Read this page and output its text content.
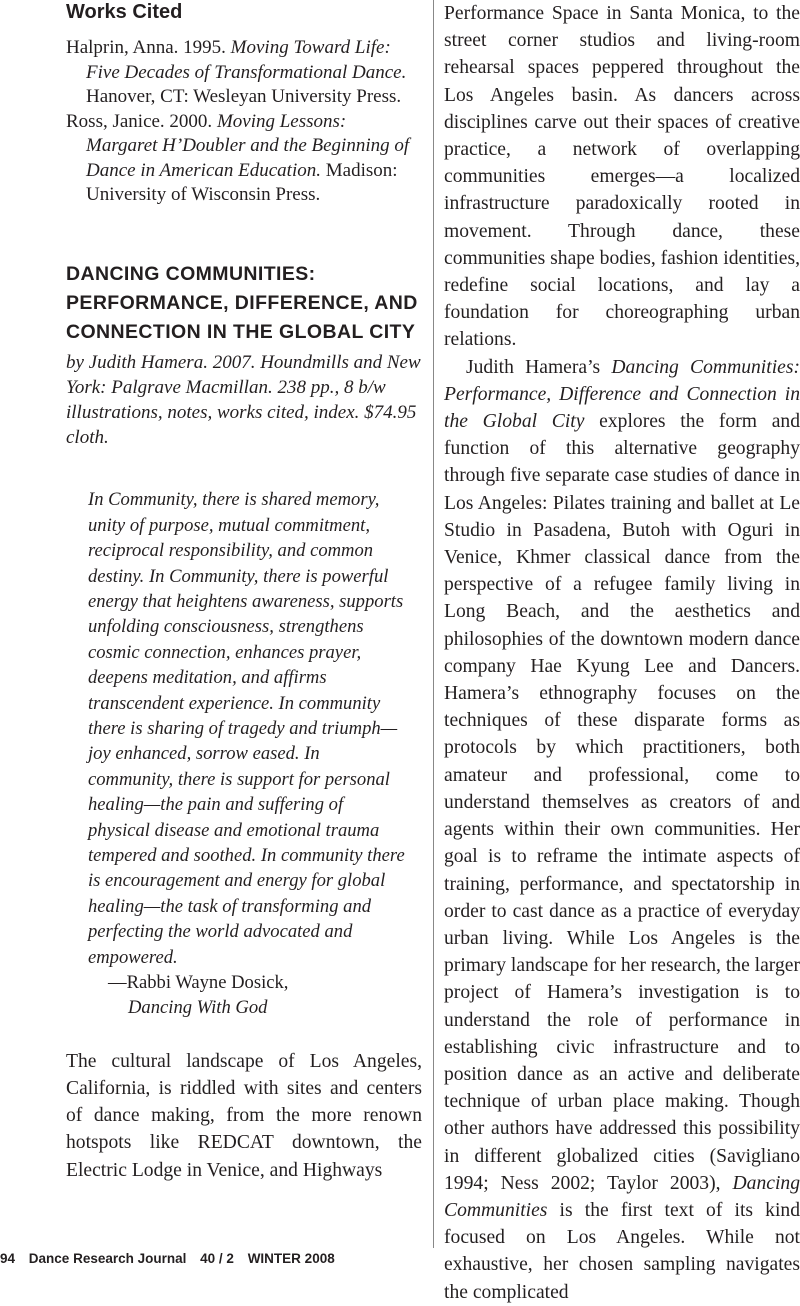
Works Cited

Halprin, Anna. 1995. Moving Toward Life: Five Decades of Transformational Dance. Hanover, CT: Wesleyan University Press.

Ross, Janice. 2000. Moving Lessons: Margaret H’Doubler and the Beginning of Dance in American Education. Madison: University of Wisconsin Press.

DANCING COMMUNITIES: PERFORMANCE, DIFFERENCE, AND CONNECTION IN THE GLOBAL CITY

by Judith Hamera. 2007. Houndmills and New York: Palgrave Macmillan. 238 pp., 8 b/w illustrations, notes, works cited, index. $74.95 cloth.

In Community, there is shared memory, unity of purpose, mutual commitment, reciprocal responsibility, and common destiny. In Community, there is powerful energy that heightens awareness, supports unfolding consciousness, strengthens cosmic connection, enhances prayer, deepens meditation, and affirms transcendent experience. In community there is sharing of tragedy and triumph—joy enhanced, sorrow eased. In community, there is support for personal healing—the pain and suffering of physical disease and emotional trauma tempered and soothed. In community there is encouragement and energy for global healing—the task of transforming and perfecting the world advocated and empowered.
—Rabbi Wayne Dosick,
Dancing With God

The cultural landscape of Los Angeles, California, is riddled with sites and centers of dance making, from the more renown hotspots like REDCAT downtown, the Electric Lodge in Venice, and Highways

Performance Space in Santa Monica, to the street corner studios and living-room rehearsal spaces peppered throughout the Los Angeles basin. As dancers across disciplines carve out their spaces of creative practice, a network of overlapping communities emerges—a localized infrastructure paradoxically rooted in movement. Through dance, these communities shape bodies, fashion identities, redefine social locations, and lay a foundation for choreographing urban relations.

Judith Hamera’s Dancing Communities: Performance, Difference and Connection in the Global City explores the form and function of this alternative geography through five separate case studies of dance in Los Angeles: Pilates training and ballet at Le Studio in Pasadena, Butoh with Oguri in Venice, Khmer classical dance from the perspective of a refugee family living in Long Beach, and the aesthetics and philosophies of the downtown modern dance company Hae Kyung Lee and Dancers. Hamera’s ethnography focuses on the techniques of these disparate forms as protocols by which practitioners, both amateur and professional, come to understand themselves as creators of and agents within their own communities. Her goal is to reframe the intimate aspects of training, performance, and spectatorship in order to cast dance as a practice of everyday urban living. While Los Angeles is the primary landscape for her research, the larger project of Hamera’s investigation is to understand the role of performance in establishing civic infrastructure and to position dance as an active and deliberate technique of urban place making. Though other authors have addressed this possibility in different globalized cities (Savigliano 1994; Ness 2002; Taylor 2003), Dancing Communities is the first text of its kind focused on Los Angeles. While not exhaustive, her chosen sampling navigates the complicated

94 Dance Research Journal 40 / 2 WINTER 2008
